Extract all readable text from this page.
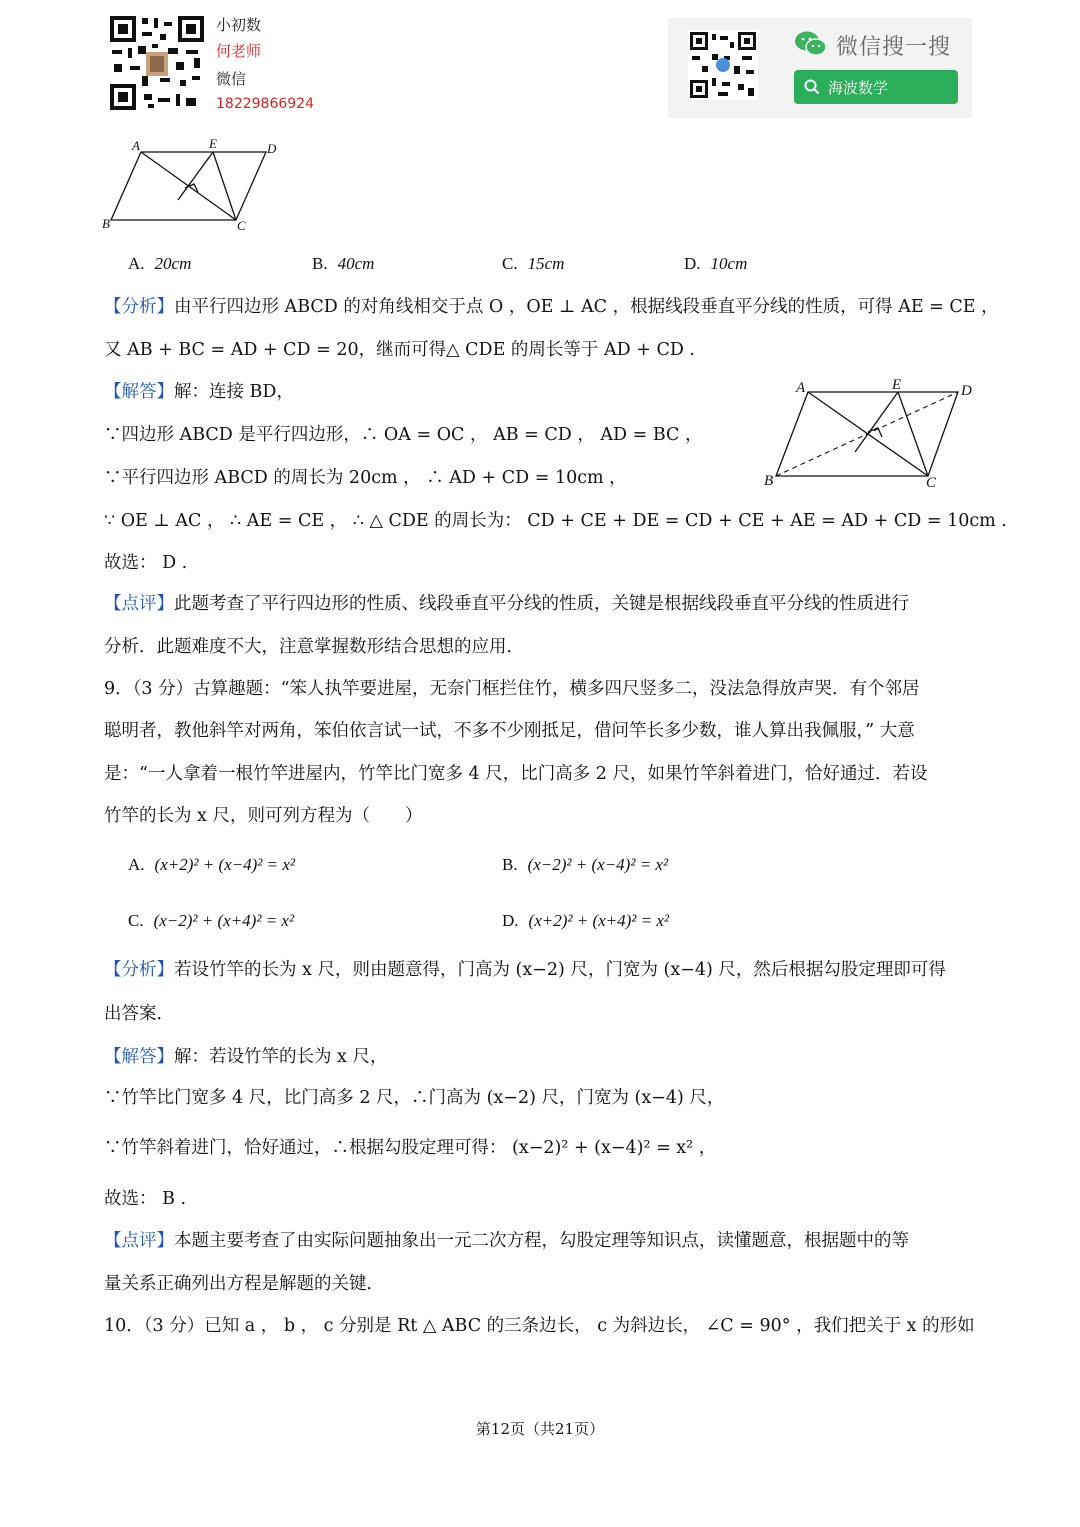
小初数
何老师
微信
18229866924
微信搜一搜
海波数学
A	E	D
B	C
A. 20cm	B. 40cm	C. 15cm	D. 10cm
【分析】由平行四边形 ABCD 的对角线相交于点 O ，OE ⊥ AC ，根据线段垂直平分线的性质，可得 AE = CE ，
又 AB + BC = AD + CD = 20，继而可得△ CDE 的周长等于 AD + CD .
【解答】解：连接 BD，
∵四边形 ABCD 是平行四边形，∴ OA = OC ， AB = CD ， AD = BC ，
∵平行四边形 ABCD 的周长为 20cm ， ∴ AD + CD = 10cm ，
∵ OE ⊥ AC ， ∴ AE = CE ， ∴ △ CDE 的周长为： CD + CE + DE = CD + CE + AE = AD + CD = 10cm .
故选： D .
A	E	D
B	C
【点评】此题考查了平行四边形的性质、线段垂直平分线的性质，关键是根据线段垂直平分线的性质进行
分析．此题难度不大，注意掌握数形结合思想的应用．
9．（3 分）古算趣题：“笨人执竿要进屋，无奈门框拦住竹，横多四尺竖多二，没法急得放声哭．有个邻居
聪明者，教他斜竿对两角，笨伯依言试一试，不多不少刚抵足，借问竿长多少数，谁人算出我佩服，” 大意
是：“一人拿着一根竹竿进屋内，竹竿比门宽多 4 尺，比门高多 2 尺，如果竹竿斜着进门，恰好通过．若设
竹竿的长为 x 尺，则可列方程为（　　）
A. (x+2)² + (x−4)² = x²	B. (x−2)² + (x−4)² = x²
C. (x−2)² + (x+4)² = x²	D. (x+2)² + (x+4)² = x²
【分析】若设竹竿的长为 x 尺，则由题意得，门高为 (x−2) 尺，门宽为 (x−4) 尺，然后根据勾股定理即可得
出答案．
【解答】解：若设竹竿的长为 x 尺，
∵竹竿比门宽多 4 尺，比门高多 2 尺，∴门高为 (x−2) 尺，门宽为 (x−4) 尺，
∵竹竿斜着进门，恰好通过，∴根据勾股定理可得： (x−2)² + (x−4)² = x² ，
故选： B .
【点评】本题主要考查了由实际问题抽象出一元二次方程，勾股定理等知识点，读懂题意，根据题中的等
量关系正确列出方程是解题的关键．
10．（3 分）已知 a ， b ， c 分别是 Rt △ ABC 的三条边长， c 为斜边长， ∠C = 90° ，我们把关于 x 的形如
第12页（共21页）
